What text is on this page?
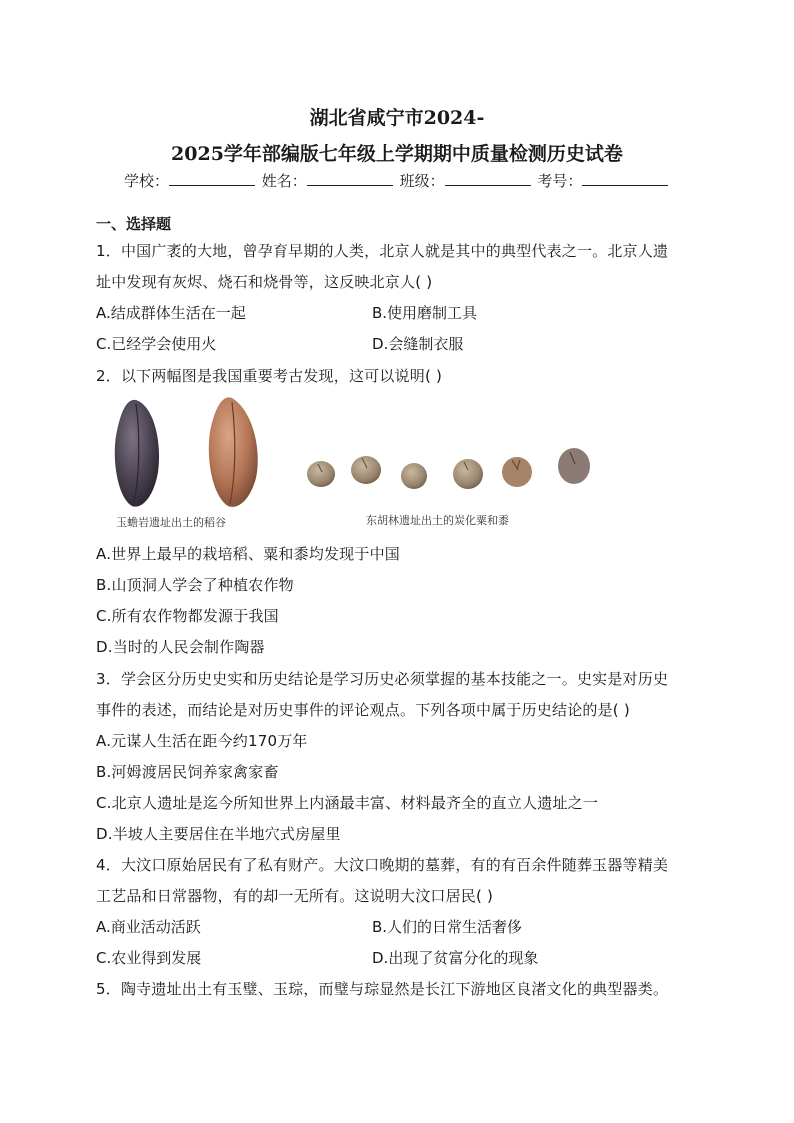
湖北省咸宁市2024-
2025学年部编版七年级上学期期中质量检测历史试卷
学校：	姓名：	班级：	考号：
一、选择题
1．中国广袤的大地，曾孕育早期的人类，北京人就是其中的典型代表之一。北京人遗
址中发现有灰烬、烧石和烧骨等，这反映北京人( )
A.结成群体生活在一起	B.使用磨制工具
C.已经学会使用火	D.会缝制衣服
2．以下两幅图是我国重要考古发现，这可以说明( )
玉蟾岩遗址出土的稻谷	东胡林遗址出土的炭化粟和黍
A.世界上最早的栽培稻、粟和黍均发现于中国
B.山顶洞人学会了种植农作物
C.所有农作物都发源于我国
D.当时的人民会制作陶器
3．学会区分历史史实和历史结论是学习历史必须掌握的基本技能之一。史实是对历史
事件的表述，而结论是对历史事件的评论观点。下列各项中属于历史结论的是( )
A.元谋人生活在距今约170万年
B.河姆渡居民饲养家禽家畜
C.北京人遗址是迄今所知世界上内涵最丰富、材料最齐全的直立人遗址之一
D.半坡人主要居住在半地穴式房屋里
4．大汶口原始居民有了私有财产。大汶口晚期的墓葬，有的有百余件随葬玉器等精美
工艺品和日常器物，有的却一无所有。这说明大汶口居民( )
A.商业活动活跃	B.人们的日常生活奢侈
C.农业得到发展	D.出现了贫富分化的现象
5．陶寺遗址出土有玉璧、玉琮，而璧与琮显然是长江下游地区良渚文化的典型器类。
